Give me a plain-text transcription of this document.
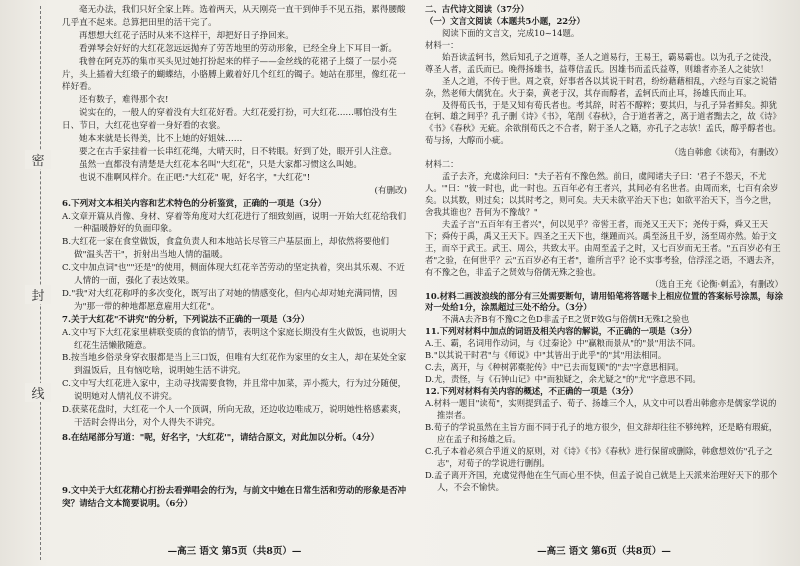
密
封
线

毫无办法，我们只好全家上阵。选着两天，从天刚亮一直干到伸手不见五指，累得腰酸几乎直不起来。总算把田里的活干完了。

再想想大红花子活时从来不这样干，却把好日子挣回来。

看弹琴会好好的大红花忽远远抛弃了劳苦地里的劳动形象，已经全身上下耳目一新。

我曾在阿克苏的集市买头见过她打扮起来的样子——金丝线的花裙子上缀了一层小亮片，头上插着大红缎子的蝴蝶结，小胳膊上戴着好几个红红的镯子。她站在那里，像红花一样好看。

还有数子，难得那个衣!

说实在的，一般人的穿着没有大红花好看。大红花爱打扮，可大红花……哪怕没有生日、节日，大红花也穿着一身好看的衣裳。

她本来就是长得美，比不上她的好姐妹……

要之在古手家挂着一长串红花绳，大晴天时，日不转眼。好到了处，眼开引人注意。

虽然一直都没有清楚是大红花本名叫"大红花"，只是大家都习惯这么叫她。

也说不准啊风样介。在正吧:"大红花" 呢，好名字，"大红花"!

(有删改)

6.下列对文本相关内容和艺术特色的分析鉴赏，正确的一项是（3分）

A.文章开篇从肖像、身材、穿着等角度对大红花进行了细致刻画，说明一开始大红花给我们一种温暖静好的负面印象。

B.大红花一家在食堂做饭，食盒负责人和本地站长尽管三户基层面上，却依然将要他们做"温头苦干"，折射出当地人情的温暖。

C.文中加点词"也""还是"的使用，侧面体现大红花辛苦劳动的坚定执着，突出其乐观、不近人情的一面，强化了表达效果。

D."我"对大红花称呼的多次变化，既写出了对她的情感变化，但内心却对她充满同情，因为"那一带的种地都愿意雇用大红花"。

7.关于大红花"不讲究"的分析，下列说法不正确的一项是（3分）

A.文中写下大红花家里耕联变质的食馅的情节，表明这个家庭长期没有生火做饭，也说明大红花生活懒散随意。

B.按当地乡俗录身穿衣服都是当上三口饭，但唯有大红花作为家里的女主人，却在某处全家到温饭后，且有恼吃啥，说明她生活不讲究。

C.文中写大红花进入家中，主动寻找需要食物，并且常中加菜，弄小揽大，行为过分随便，说明她对人情礼仪不讲究。

D.获菜花盘时，大红花一个人一个顶调，所向无敌，还边收边唯成万，说明她性格感素爽，干活时会得出分，对个人得失不讲究。

8.在结尾部分写道："呢，好名字，'大红花'"，请结合原文，对此加以分析。（4分）

9.文中关于大红花精心打扮去看弹唱会的行为，与前文中她在日常生活和劳动的形象是否冲突？请结合文本简要说明。（6分）

—高三 语文 第5页（共8页）—

二、古代诗文阅读（37分）

（一）文言文阅读（本题共5小题，22分）

阅读下面的文言文，完成10~14题。

材料一：

始吾读孟轲书，然后知孔子之道尊，圣人之道易行，王易王，霸易霸也。以为孔子之徒没，尊圣人者，孟氏而已。晚得扬雄书，益尊信孟氏。因雄书而孟氏益尊，则雄者亦圣人之徒欤！

圣人之道，不传于世。周之衰，好事者各以其说干时君，纷纷藉藉相乱，六经与百家之说错杂，然老师大儒犹在。火于秦，黄老于汉，其存而醇者，孟轲氏而止耳，扬雄氏而止耳。

及得荀氏书，于是又知有荀氏者也。考其辞，时若不醇粹；要其归，与孔子异者鲜矣。抑犹在轲、雄之间乎？孔子删《诗》《书》，笔削《春秋》，合于道者著之，离于道者黜去之，故《诗》《书》《春秋》无疵。余欲削荀氏之不合者，附于圣人之籍，亦孔子之志欤！孟氏，醇乎醇者也。荀与扬，大醇而小疵。

（选自韩愈《读荀》，有删改）

材料二：

孟子去齐，充虞涂问曰："夫子若有不豫色然。前日，虞闻诸夫子曰：'君子不怨天，不尤人。'"曰："彼一时也，此一时也。五百年必有王者兴，其间必有名世者。由周而来，七百有余岁矣。以其数，则过矣；以其时考之，则可矣。夫天未欲平治天下也；如欲平治天下，当今之世，舍我其谁也？吾何为不豫哉？"

夫孟子言"五百年有王者兴"，何以见乎？帝喾王者，而尧又王天下；尧传于舜，舜又王天下；舜传于禹，禹又王天下。四圣之王天下也，继踵而兴。禹至汤且千岁，汤至周亦然。始于文王，而卒于武王。武王、周公，共致太平。由周至孟子之时，又七百岁而无王者。"五百岁必有王者"之验，在何世乎？云"五百岁必有王者"，谁所言乎？论不实事考验，信浮淫之语，不遇去齐，有不豫之色，非孟子之贤效与俗儒无殊之验也。

（选自王充《论衡·刺孟》，有删改）

10.材料二画波浪线的部分有三处需要断句，请用铅笔将答题卡上相应位置的答案标号涂黑，每涂对一处给1分，涂黑超过三处不给分。（3分）

不满A去齐B有不豫C之色D非孟子E之贤F效G与俗儒H无殊I之验也

11.下列对材料中加点的词语及相关内容的解说，不正确的一项是（3分）

A.王、霸，名词用作动词，与《过秦论》中"赢粮而景从"的"景"用法不同。

B."以其说干时君"与《师说》中"其皆出于此乎"的"其"用法相同。

C.去，离开，与《种树郭橐驼传》中"已去而复顾"的"去"字意思相同。

D.尤，责怪，与《石钟山记》中"而独疑之，余尤疑之"的"尤"字意思不同。

12.下列对材料有关内容的概述，不正确的一项是（3分）

A.材料一题目"读荀"，实则提到孟子、荀子、扬雄三个人，从文中可以看出韩愈亦是儒家学说的推崇者。

B.荀子的学说虽然在主旨方面不同于孔子的地方很少，但文辞却往往不够纯粹，还是略有瑕疵，应在孟子和扬雄之后。

C.孔子本着必须合乎道义的原则，对《诗》《书》《春秋》进行保留或删除，韩愈想效仿"孔子之志"，对荀子的学说进行删削。

D.孟子离开齐国，充虞觉得他在生气而心里不快，但孟子说自己就是上天派来治理好天下的那个人，不会不愉快。

—高三 语文 第6页（共8页）—
